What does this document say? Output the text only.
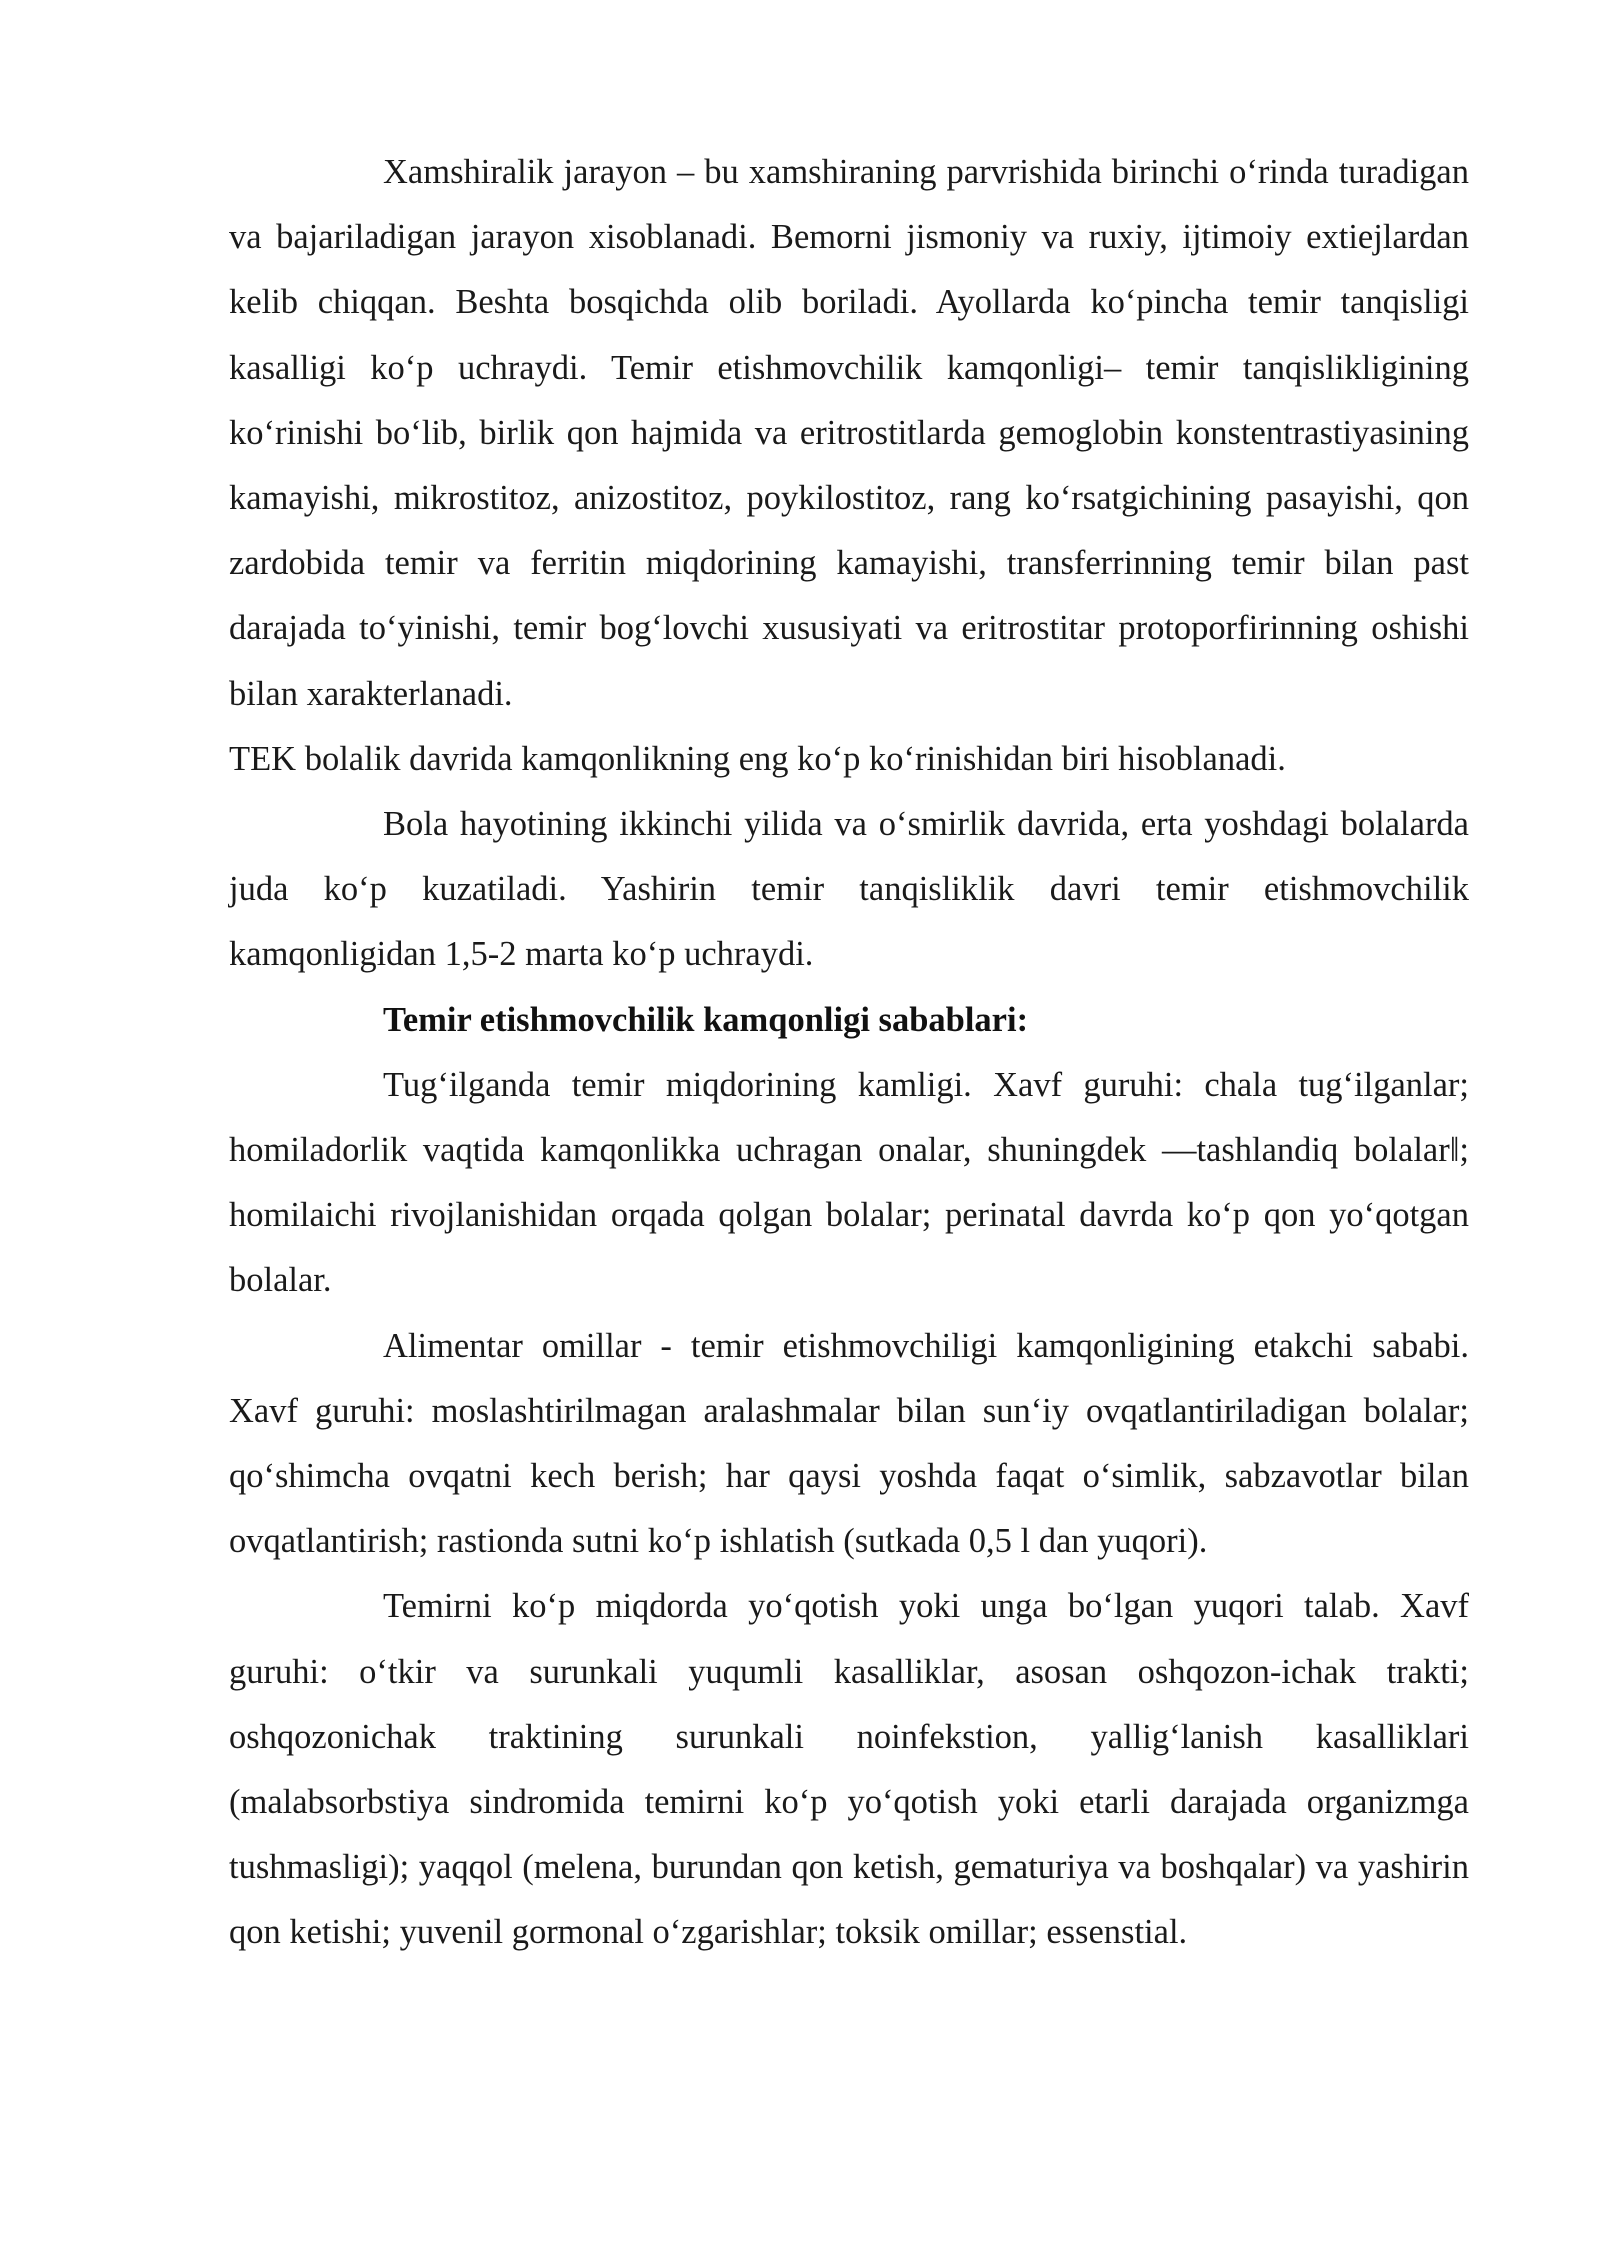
Xamshiralik jarayon – bu xamshiraning parvrishida birinchi o‘rinda turadigan va bajariladigan jarayon xisoblanadi. Bemorni jismoniy va ruxiy, ijtimoiy extiejlardan kelib chiqqan. Beshta bosqichda olib boriladi. Ayollarda ko‘pincha temir tanqisligi kasalligi ko‘p uchraydi. Temir etishmovchilik kamqonligi– temir tanqislikligining ko‘rinishi bo‘lib, birlik qon hajmida va eritrostitlarda gemoglobin konstentrastiyasining kamayishi, mikrostitoz, anizostitoz, poykilostitoz, rang ko‘rsatgichining pasayishi, qon zardobida temir va ferritin miqdorining kamayishi, transferrinning temir bilan past darajada to‘yinishi, temir bog‘lovchi xususiyati va eritrostitar protoporfirinning oshishi bilan xarakterlanadi.

TEK bolalik davrida kamqonlikning eng ko‘p ko‘rinishidan biri hisoblanadi.

Bola hayotining ikkinchi yilida va o‘smirlik davrida, erta yoshdagi bolalarda juda ko‘p kuzatiladi. Yashirin temir tanqisliklik davri temir etishmovchilik kamqonligidan 1,5-2 marta ko‘p uchraydi.

Temir etishmovchilik kamqonligi sabablari:

Tug‘ilganda temir miqdorining kamligi. Xavf guruhi: chala tug‘ilganlar; homiladorlik vaqtida kamqonlikka uchragan onalar, shuningdek ―tashlandiq bolalar‖; homilaichi rivojlanishidan orqada qolgan bolalar; perinatal davrda ko‘p qon yo‘qotgan bolalar.

Alimentar omillar - temir etishmovchiligi kamqonligining etakchi sababi. Xavf guruhi: moslashtirilmagan aralashmalar bilan sun‘iy ovqatlantiriladigan bolalar; qo‘shimcha ovqatni kech berish; har qaysi yoshda faqat o‘simlik, sabzavotlar bilan ovqatlantirish; rastionda sutni ko‘p ishlatish (sutkada 0,5 l dan yuqori).

Temirni ko‘p miqdorda yo‘qotish yoki unga bo‘lgan yuqori talab. Xavf guruhi: o‘tkir va surunkali yuqumli kasalliklar, asosan oshqozon-ichak trakti; oshqozonichak traktining surunkali noinfekstion, yallig‘lanish kasalliklari (malabsorbstiya sindromida temirni ko‘p yo‘qotish yoki etarli darajada organizmga tushmasligi); yaqqol (melena, burundan qon ketish, gematuriya va boshqalar) va yashirin qon ketishi; yuvenil gormonal o‘zgarishlar; toksik omillar; essenstial.
